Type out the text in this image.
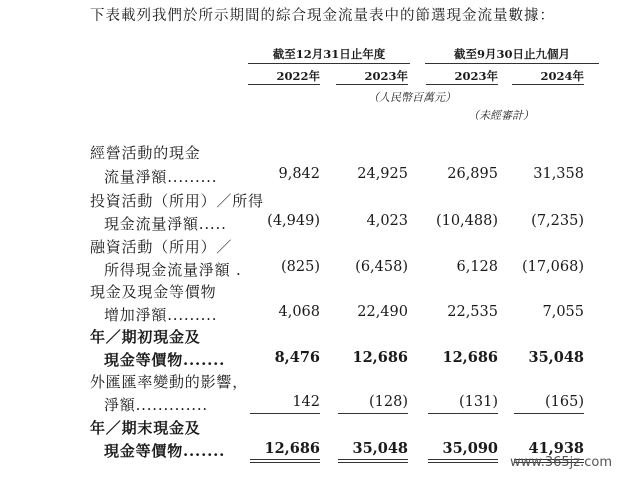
下表載列我們於所示期間的綜合現金流量表中的節選現金流量數據：
截至12月31日止年度	截至9月30日止九個月
2022年	2023年	2023年	2024年
（人民幣百萬元）
（未經審計）
經營活動的現金
流量淨額.........	9,842	24,925	26,895	31,358
投資活動（所用）／所得
現金流量淨額.....	(4,949)	4,023	(10,488)	(7,235)
融資活動（所用）／
所得現金流量淨額 .	(825)	(6,458)	6,128	(17,068)
現金及現金等價物
增加淨額.........	4,068	22,490	22,535	7,055
年／期初現金及
現金等價物.......	8,476	12,686	12,686	35,048
外匯匯率變動的影響，
淨額.............	142	(128)	(131)	(165)
年／期末現金及
現金等價物.......	12,686	35,048	35,090	41,938
www.365jz.com
